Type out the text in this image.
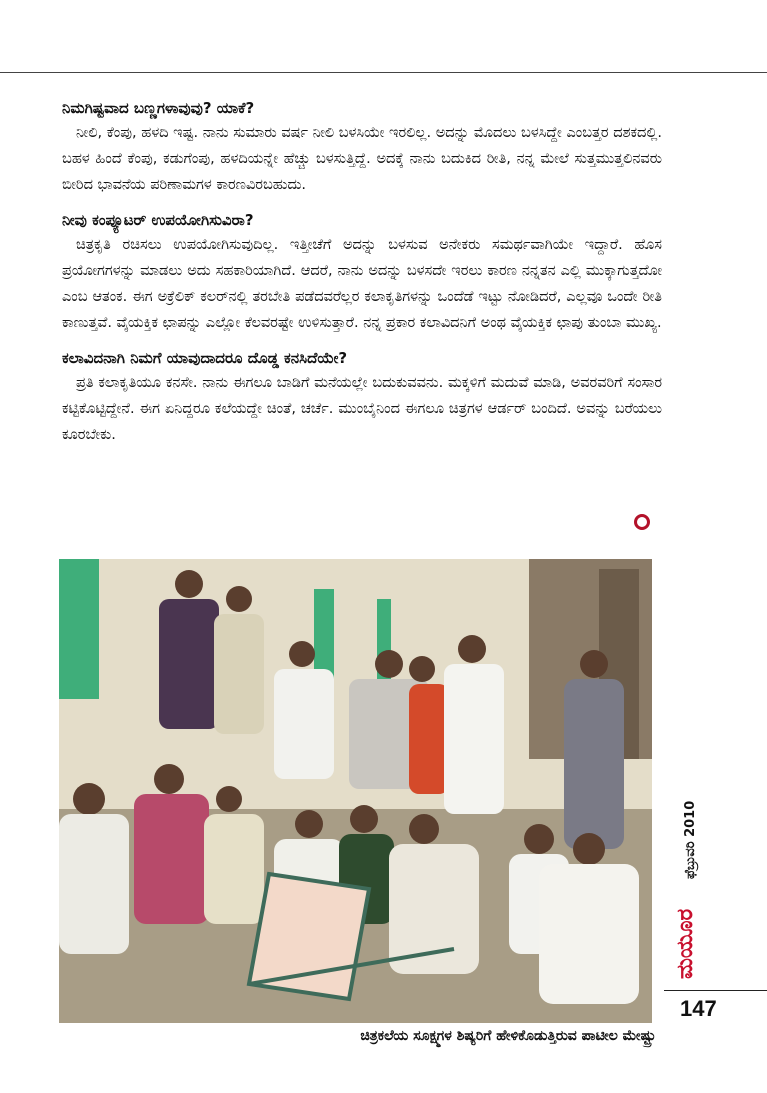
ನಿಮಗಿಷ್ಟವಾದ ಬಣ್ಣಗಳಾವುವು? ಯಾಕೆ?

ನೀಲಿ, ಕೆಂಪು, ಹಳದಿ ಇಷ್ಟ. ನಾನು ಸುಮಾರು ವರ್ಷ ನೀಲಿ ಬಳಸಿಯೇ ಇರಲಿಲ್ಲ. ಅದನ್ನು ಮೊದಲು ಬಳಸಿದ್ದೇ ಎಂಬತ್ತರ ದಶಕದಲ್ಲಿ. ಬಹಳ ಹಿಂದೆ ಕೆಂಪು, ಕಡುಗೆಂಪು, ಹಳದಿಯನ್ನೇ ಹೆಚ್ಚು ಬಳಸುತ್ತಿದ್ದೆ. ಅದಕ್ಕೆ ನಾನು ಬದುಕಿದ ರೀತಿ, ನನ್ನ ಮೇಲೆ ಸುತ್ತಮುತ್ತಲಿನವರು ಬೀರಿದ ಭಾವನೆಯ ಪರಿಣಾಮಗಳ ಕಾರಣವಿರಬಹುದು.

ನೀವು ಕಂಪ್ಯೂಟರ್ ಉಪಯೋಗಿಸುವಿರಾ?

ಚಿತ್ರಕೃತಿ ರಚಿಸಲು ಉಪಯೋಗಿಸುವುದಿಲ್ಲ. ಇತ್ತೀಚೆಗೆ ಅದನ್ನು ಬಳಸುವ ಅನೇಕರು ಸಮರ್ಥವಾಗಿಯೇ ಇದ್ದಾರೆ. ಹೊಸ ಪ್ರಯೋಗಗಳನ್ನು ಮಾಡಲು ಅದು ಸಹಕಾರಿಯಾಗಿದೆ. ಆದರೆ, ನಾನು ಅದನ್ನು ಬಳಸದೇ ಇರಲು ಕಾರಣ ನನ್ನತನ ಎಲ್ಲಿ ಮುಕ್ಕಾಗುತ್ತದೋ ಎಂಬ ಆತಂಕ. ಈಗ ಅಕ್ರೆಲಿಕ್ ಕಲರ್‌ನಲ್ಲಿ ತರಬೇತಿ ಪಡೆದವರೆಲ್ಲರ ಕಲಾಕೃತಿಗಳನ್ನು ಒಂದೆಡೆ ಇಟ್ಟು ನೋಡಿದರೆ, ಎಲ್ಲವೂ ಒಂದೇ ರೀತಿ ಕಾಣುತ್ತವೆ. ವೈಯಕ್ತಿಕ ಛಾಪನ್ನು ಎಲ್ಲೋ ಕೆಲವರಷ್ಟೇ ಉಳಿಸುತ್ತಾರೆ. ನನ್ನ ಪ್ರಕಾರ ಕಲಾವಿದನಿಗೆ ಅಂಥ ವೈಯಕ್ತಿಕ ಛಾಪು ತುಂಬಾ ಮುಖ್ಯ.

ಕಲಾವಿದನಾಗಿ ನಿಮಗೆ ಯಾವುದಾದರೂ ದೊಡ್ಡ ಕನಸಿದೆಯೇ?

ಪ್ರತಿ ಕಲಾಕೃತಿಯೂ ಕನಸೇ. ನಾನು ಈಗಲೂ ಬಾಡಿಗೆ ಮನೆಯಲ್ಲೇ ಬದುಕುವವನು. ಮಕ್ಕಳಿಗೆ ಮದುವೆ ಮಾಡಿ, ಅವರವರಿಗೆ ಸಂಸಾರ ಕಟ್ಟಿಕೊಟ್ಟಿದ್ದೇನೆ. ಈಗ ಏನಿದ್ದರೂ ಕಲೆಯದ್ದೇ ಚಿಂತೆ, ಚರ್ಚೆ. ಮುಂಬೈನಿಂದ ಈಗಲೂ ಚಿತ್ರಗಳ ಆರ್ಡರ್ ಬಂದಿದೆ. ಅವನ್ನು ಬರೆಯಲು ಕೂರಬೇಕು.

ಚಿತ್ರಕಲೆಯ ಸೂಕ್ಷ್ಮಗಳ ಶಿಷ್ಯರಿಗೆ ಹೇಳಿಕೊಡುತ್ತಿರುವ ಪಾಟೀಲ ಮೇಷ್ಟ್ರು
ಫೆಬ್ರುವರಿ 2010
ಮಯೂರ
147
